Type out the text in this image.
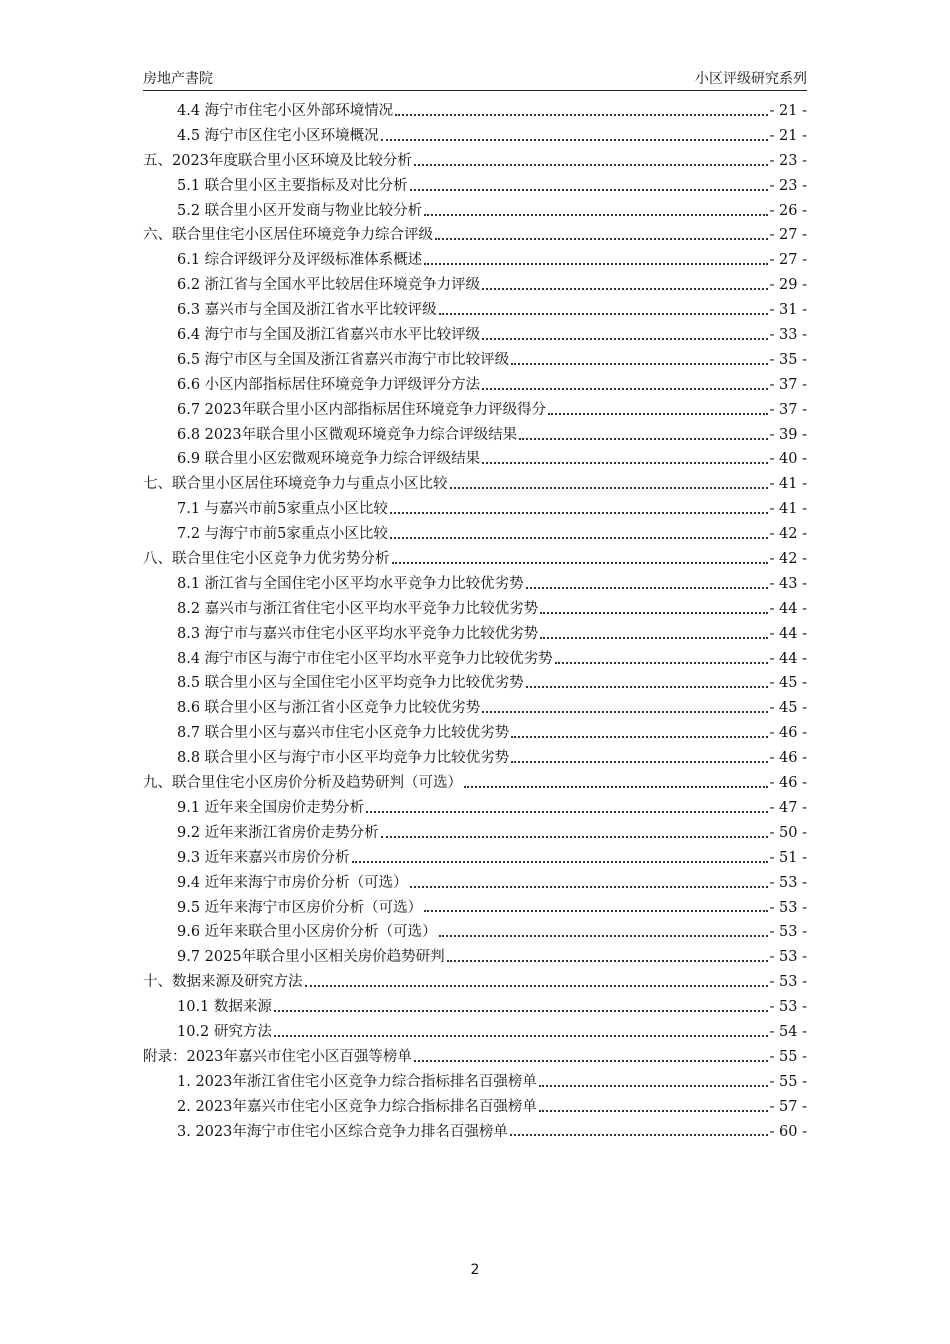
房地产書院	小区评级研究系列
4.4 海宁市住宅小区外部环境情况	- 21 -
4.5 海宁市区住宅小区环境概况	- 21 -
五、2023年度联合里小区环境及比较分析	- 23 -
5.1 联合里小区主要指标及对比分析	- 23 -
5.2 联合里小区开发商与物业比较分析	- 26 -
六、联合里住宅小区居住环境竞争力综合评级	- 27 -
6.1 综合评级评分及评级标准体系概述	- 27 -
6.2 浙江省与全国水平比较居住环境竞争力评级	- 29 -
6.3 嘉兴市与全国及浙江省水平比较评级	- 31 -
6.4 海宁市与全国及浙江省嘉兴市水平比较评级	- 33 -
6.5 海宁市区与全国及浙江省嘉兴市海宁市比较评级	- 35 -
6.6 小区内部指标居住环境竞争力评级评分方法	- 37 -
6.7 2023年联合里小区内部指标居住环境竞争力评级得分	- 37 -
6.8 2023年联合里小区微观环境竞争力综合评级结果	- 39 -
6.9 联合里小区宏微观环境竞争力综合评级结果	- 40 -
七、联合里小区居住环境竞争力与重点小区比较	- 41 -
7.1 与嘉兴市前5家重点小区比较	- 41 -
7.2 与海宁市前5家重点小区比较	- 42 -
八、联合里住宅小区竞争力优劣势分析	- 42 -
8.1 浙江省与全国住宅小区平均水平竞争力比较优劣势	- 43 -
8.2 嘉兴市与浙江省住宅小区平均水平竞争力比较优劣势	- 44 -
8.3 海宁市与嘉兴市住宅小区平均水平竞争力比较优劣势	- 44 -
8.4 海宁市区与海宁市住宅小区平均水平竞争力比较优劣势	- 44 -
8.5 联合里小区与全国住宅小区平均竞争力比较优劣势	- 45 -
8.6 联合里小区与浙江省小区竞争力比较优劣势	- 45 -
8.7 联合里小区与嘉兴市住宅小区竞争力比较优劣势	- 46 -
8.8 联合里小区与海宁市小区平均竞争力比较优劣势	- 46 -
九、联合里住宅小区房价分析及趋势研判（可选）	- 46 -
9.1 近年来全国房价走势分析	- 47 -
9.2 近年来浙江省房价走势分析	- 50 -
9.3 近年来嘉兴市房价分析	- 51 -
9.4 近年来海宁市房价分析（可选）	- 53 -
9.5 近年来海宁市区房价分析（可选）	- 53 -
9.6 近年来联合里小区房价分析（可选）	- 53 -
9.7 2025年联合里小区相关房价趋势研判	- 53 -
十、数据来源及研究方法	- 53 -
10.1 数据来源	- 53 -
10.2 研究方法	- 54 -
附录：2023年嘉兴市住宅小区百强等榜单	- 55 -
1. 2023年浙江省住宅小区竞争力综合指标排名百强榜单	- 55 -
2. 2023年嘉兴市住宅小区竞争力综合指标排名百强榜单	- 57 -
3. 2023年海宁市住宅小区综合竞争力排名百强榜单	- 60 -
2
